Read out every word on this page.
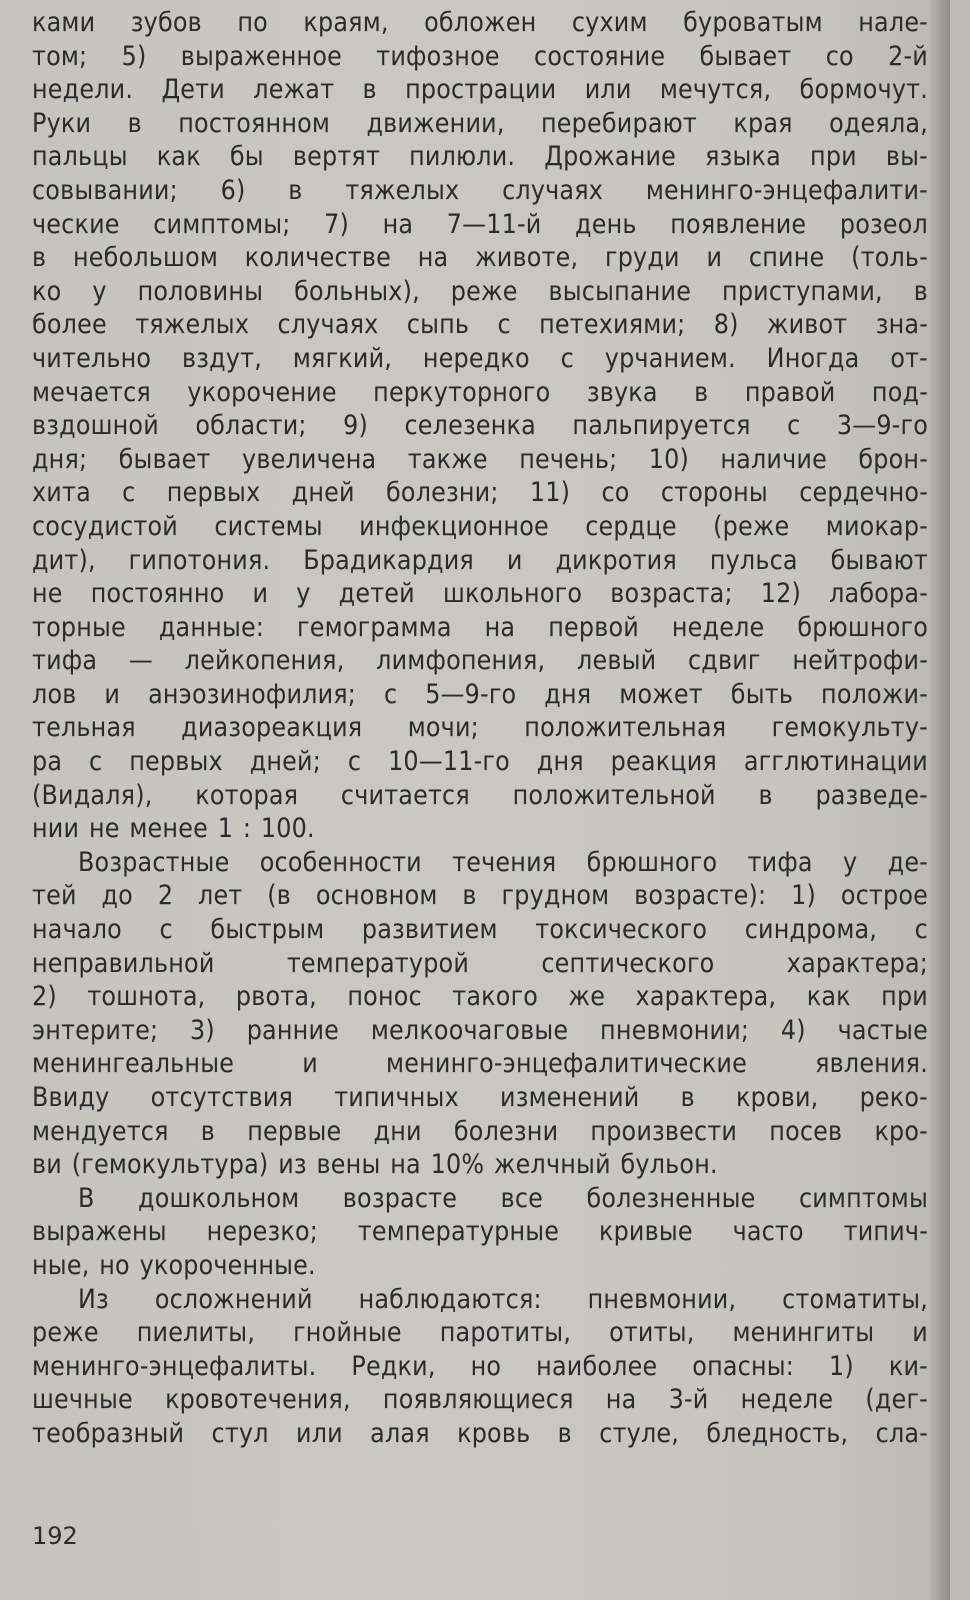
ками зубов по краям, обложен сухим буроватым нале-
том; 5) выраженное тифозное состояние бывает со 2-й
недели. Дети лежат в прострации или мечутся, бормочут.
Руки в постоянном движении, перебирают края одеяла,
пальцы как бы вертят пилюли. Дрожание языка при вы-
совывании; 6) в тяжелых случаях менинго-энцефалити-
ческие симптомы; 7) на 7—11-й день появление розеол
в небольшом количестве на животе, груди и спине (толь-
ко у половины больных), реже высыпание приступами, в
более тяжелых случаях сыпь с петехиями; 8) живот зна-
чительно вздут, мягкий, нередко с урчанием. Иногда от-
мечается укорочение перкуторного звука в правой под-
вздошной области; 9) селезенка пальпируется с 3—9-го
дня; бывает увеличена также печень; 10) наличие брон-
хита с первых дней болезни; 11) со стороны сердечно-
сосудистой системы инфекционное сердце (реже миокар-
дит), гипотония. Брадикардия и дикротия пульса бывают
не постоянно и у детей школьного возраста; 12) лабора-
торные данные: гемограмма на первой неделе брюшного
тифа — лейкопения, лимфопения, левый сдвиг нейтрофи-
лов и анэозинофилия; с 5—9-го дня может быть положи-
тельная диазореакция мочи; положительная гемокульту-
ра с первых дней; с 10—11-го дня реакция агглютинации
(Видаля), которая считается положительной в разведе-
нии не менее 1 : 100.
Возрастные особенности течения брюшного тифа у де-
тей до 2 лет (в основном в грудном возрасте): 1) острое
начало с быстрым развитием токсического синдрома, с
неправильной температурой септического характера;
2) тошнота, рвота, понос такого же характера, как при
энтерите; 3) ранние мелкоочаговые пневмонии; 4) частые
менингеальные и менинго-энцефалитические явления.
Ввиду отсутствия типичных изменений в крови, реко-
мендуется в первые дни болезни произвести посев кро-
ви (гемокультура) из вены на 10% желчный бульон.
В дошкольном возрасте все болезненные симптомы
выражены нерезко; температурные кривые часто типич-
ные, но укороченные.
Из осложнений наблюдаются: пневмонии, стоматиты,
реже пиелиты, гнойные паротиты, отиты, менингиты и
менинго-энцефалиты. Редки, но наиболее опасны: 1) ки-
шечные кровотечения, появляющиеся на 3-й неделе (дег-
теобразный стул или алая кровь в стуле, бледность, сла-
192
